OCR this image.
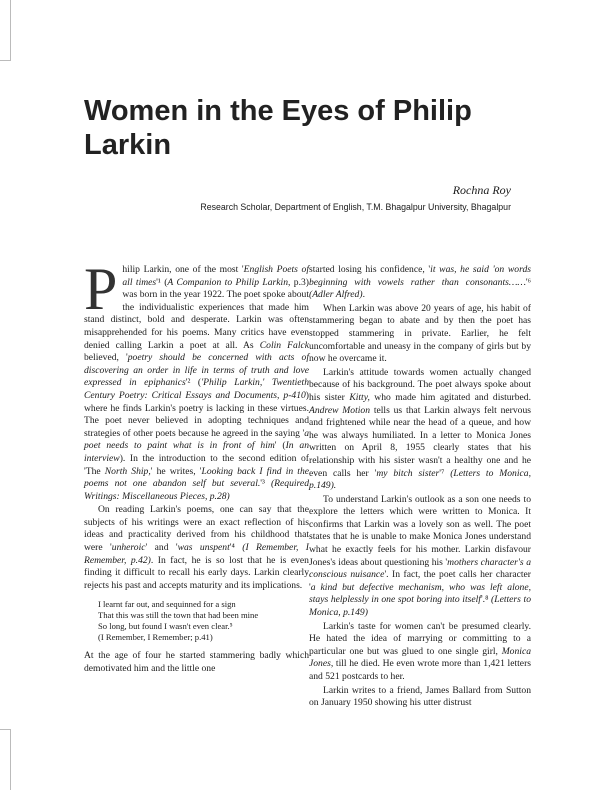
Women in the Eyes of Philip Larkin
Rochna Roy
Research Scholar, Department of English, T.M. Bhagalpur University, Bhagalpur

Philip Larkin, one of the most 'English Poets of all times'¹ (A Companion to Philip Larkin, p.3) was born in the year 1922. The poet spoke about the individualistic experiences that made him stand distinct, bold and desperate. Larkin was often misapprehended for his poems. Many critics have even denied calling Larkin a poet at all. As Colin Falck believed, 'poetry should be concerned with acts of discovering an order in life in terms of truth and love expressed in epiphanics'² ('Philip Larkin,' Twentieth Century Poetry: Critical Essays and Documents, p-410) where he finds Larkin's poetry is lacking in these virtues. The poet never believed in adopting techniques and strategies of other poets because he agreed in the saying 'a poet needs to paint what is in front of him' (In an interview). In the introduction to the second edition of 'The North Ship,' he writes, 'Looking back I find in the poems not one abandon self but several.'³ (Required Writings: Miscellaneous Pieces, p.28)

On reading Larkin's poems, one can say that the subjects of his writings were an exact reflection of his ideas and practicality derived from his childhood that were 'unheroic' and 'was unspent'⁴ (I Remember, I Remember, p.42). In fact, he is so lost that he is even finding it difficult to recall his early days. Larkin clearly rejects his past and accepts maturity and its implications.

I learnt far out, and sequinned for a sign
That this was still the town that had been mine
So long, but found I wasn't even clear.⁵
(I Remember, I Remember; p.41)

At the age of four he started stammering badly which demotivated him and the little one

started losing his confidence, 'it was, he said 'on words beginning with vowels rather than consonants……'⁶ (Adler Alfred).

When Larkin was above 20 years of age, his habit of stammering began to abate and by then the poet has stopped stammering in private. Earlier, he felt uncomfortable and uneasy in the company of girls but by now he overcame it.

Larkin's attitude towards women actually changed because of his background. The poet always spoke about his sister Kitty, who made him agitated and disturbed. Andrew Motion tells us that Larkin always felt nervous and frightened while near the head of a queue, and how he was always humiliated. In a letter to Monica Jones written on April 8, 1955 clearly states that his relationship with his sister wasn't a healthy one and he even calls her 'my bitch sister'⁷ (Letters to Monica, p.149).

To understand Larkin's outlook as a son one needs to explore the letters which were written to Monica. It confirms that Larkin was a lovely son as well. The poet states that he is unable to make Monica Jones understand what he exactly feels for his mother. Larkin disfavour Jones's ideas about questioning his 'mothers character's a conscious nuisance'. In fact, the poet calls her character 'a kind but defective mechanism, who was left alone, stays helplessly in one spot boring into itself'.⁸ (Letters to Monica, p.149)

Larkin's taste for women can't be presumed clearly. He hated the idea of marrying or committing to a particular one but was glued to one single girl, Monica Jones, till he died. He even wrote more than 1,421 letters and 521 postcards to her.

Larkin writes to a friend, James Ballard from Sutton on January 1950 showing his utter distrust
